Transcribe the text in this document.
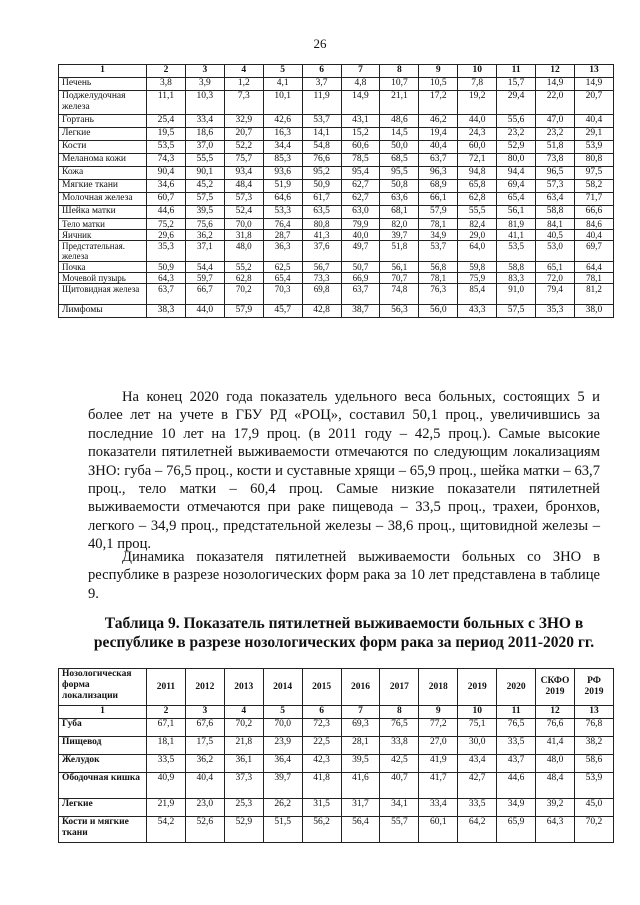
26
1	2	3	4	5	6	7	8	9	10	11	12	13
Печень	3,8	3,9	1,2	4,1	3,7	4,8	10,7	10,5	7,8	15,7	14,9	14,9
Поджелудочная железа	11,1	10,3	7,3	10,1	11,9	14,9	21,1	17,2	19,2	29,4	22,0	20,7
Гортань	25,4	33,4	32,9	42,6	53,7	43,1	48,6	46,2	44,0	55,6	47,0	40,4
Легкие	19,5	18,6	20,7	16,3	14,1	15,2	14,5	19,4	24,3	23,2	23,2	29,1
Кости	53,5	37,0	52,2	34,4	54,8	60,6	50,0	40,4	60,0	52,9	51,8	53,9
Меланома кожи	74,3	55,5	75,7	85,3	76,6	78,5	68,5	63,7	72,1	80,0	73,8	80,8
Кожа	90,4	90,1	93,4	93,6	95,2	95,4	95,5	96,3	94,8	94,4	96,5	97,5
Мягкие ткани	34,6	45,2	48,4	51,9	50,9	62,7	50,8	68,9	65,8	69,4	57,3	58,2
Молочная железа	60,7	57,5	57,3	64,6	61,7	62,7	63,6	66,1	62,8	65,4	63,4	71,7
Шейка матки	44,6	39,5	52,4	53,3	63,5	63,0	68,1	57,9	55,5	56,1	58,8	66,6
Тело матки	75,2	75,6	70,0	76,4	80,8	79,9	82,0	78,1	82,4	81,9	84,1	84,6
Яичник	29,6	36,2	31,8	28,7	41,3	40,0	39,7	34,9	29,0	41,1	40,5	40,4
Предстательная. железа	35,3	37,1	48,0	36,3	37,6	49,7	51,8	53,7	64,0	53,5	53,0	69,7
Почка	50,9	54,4	55,2	62,5	56,7	50,7	56,1	56,8	59,8	58,8	65,1	64,4
Мочевой пузырь	64,3	59,7	62,8	65,4	73,3	66,9	70,7	78,1	75,9	83,3	72,0	78,1
Щитовидная железа	63,7	66,7	70,2	70,3	69,8	63,7	74,8	76,3	85,4	91,0	79,4	81,2
Лимфомы	38,3	44,0	57,9	45,7	42,8	38,7	56,3	56,0	43,3	57,5	35,3	38,0

На конец 2020 года показатель удельного веса больных, состоящих 5 и более лет на учете в ГБУ РД «РОЦ», составил 50,1 проц., увеличившись за последние 10 лет на 17,9 проц. (в 2011 году – 42,5 проц.). Самые высокие показатели пятилетней выживаемости отмечаются по следующим локализациям ЗНО: губа – 76,5 проц., кости и суставные хрящи – 65,9 проц., шейка матки – 63,7 проц., тело матки – 60,4 проц. Самые низкие показатели пятилетней выживаемости отмечаются при раке пищевода – 33,5 проц., трахеи, бронхов, легкого – 34,9 проц., предстательной железы – 38,6 проц., щитовидной железы – 40,1 проц.

Динамика показателя пятилетней выживаемости больных со ЗНО в республике в разрезе нозологических форм рака за 10 лет представлена в таблице 9.

Таблица 9. Показатель пятилетней выживаемости больных с ЗНО в республике в разрезе нозологических форм рака за период 2011-2020 гг.
Нозологическая форма локализации	2011	2012	2013	2014	2015	2016	2017	2018	2019	2020	СКФО 2019	РФ 2019
1	2	3	4	5	6	7	8	9	10	11	12	13
Губа	67,1	67,6	70,2	70,0	72,3	69,3	76,5	77,2	75,1	76,5	76,6	76,8
Пищевод	18,1	17,5	21,8	23,9	22,5	28,1	33,8	27,0	30,0	33,5	41,4	38,2
Желудок	33,5	36,2	36,1	36,4	42,3	39,5	42,5	41,9	43,4	43,7	48,0	58,6
Ободочная кишка	40,9	40,4	37,3	39,7	41,8	41,6	40,7	41,7	42,7	44,6	48,4	53,9
Легкие	21,9	23,0	25,3	26,2	31,5	31,7	34,1	33,4	33,5	34,9	39,2	45,0
Кости и мягкие ткани	54,2	52,6	52,9	51,5	56,2	56,4	55,7	60,1	64,2	65,9	64,3	70,2
